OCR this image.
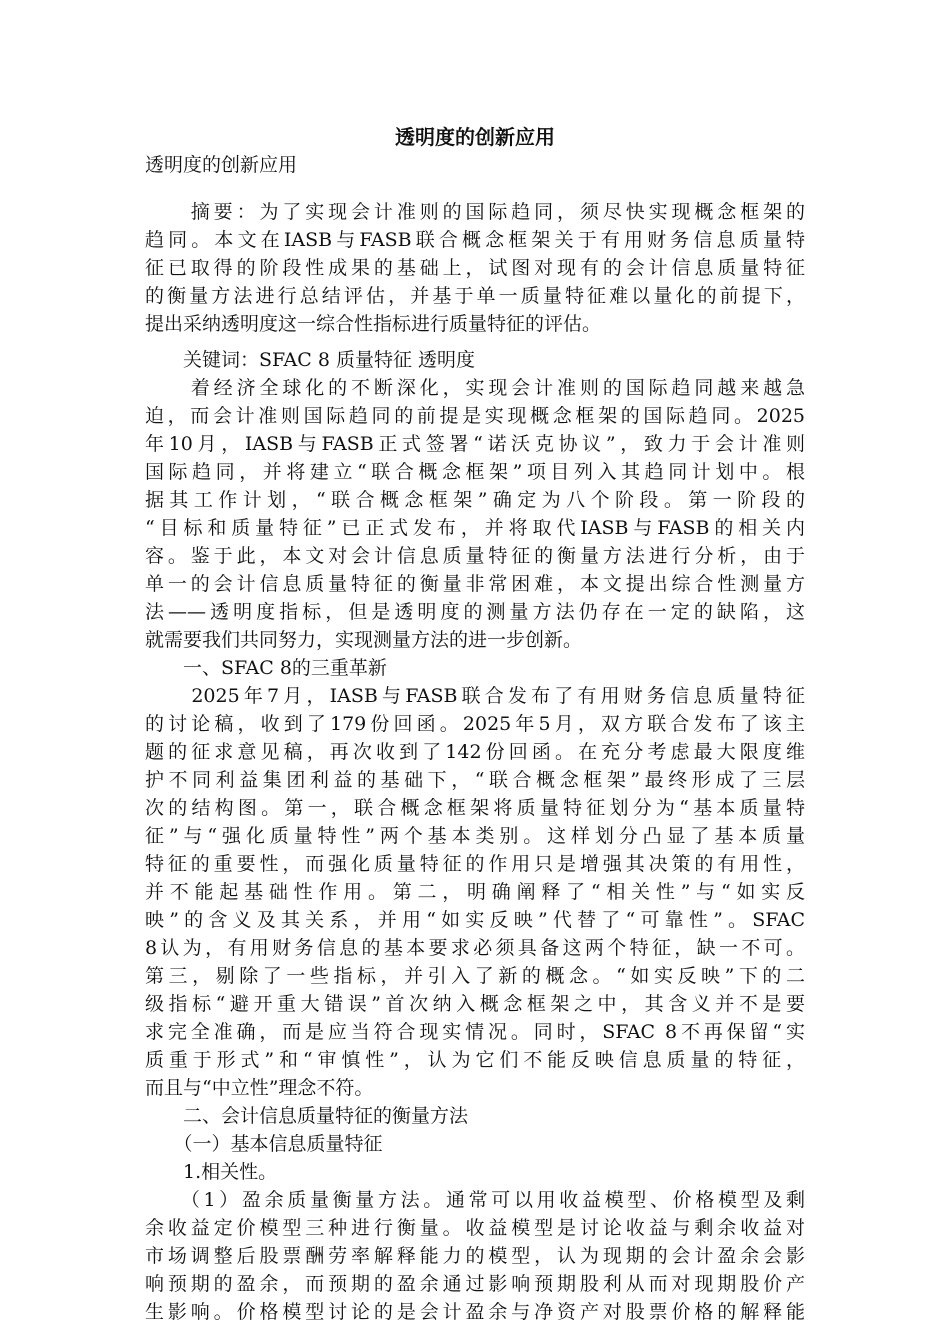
透明度的创新应用
透明度的创新应用
　　摘要：为了实现会计准则的国际趋同，须尽快实现概念框架的
趋同。本文在IASB与FASB联合概念框架关于有用财务信息质量特
征已取得的阶段性成果的基础上，试图对现有的会计信息质量特征
的衡量方法进行总结评估，并基于单一质量特征难以量化的前提下，
提出采纳透明度这一综合性指标进行质量特征的评估。
　　关键词：SFAC 8 质量特征 透明度
　　着经济全球化的不断深化，实现会计准则的国际趋同越来越急
迫，而会计准则国际趋同的前提是实现概念框架的国际趋同。2025
年10月，IASB与FASB正式签署“诺沃克协议”，致力于会计准则
国际趋同，并将建立“联合概念框架”项目列入其趋同计划中。根
据其工作计划，“联合概念框架”确定为八个阶段。第一阶段的
“目标和质量特征”已正式发布，并将取代IASB与FASB的相关内
容。鉴于此，本文对会计信息质量特征的衡量方法进行分析，由于
单一的会计信息质量特征的衡量非常困难，本文提出综合性测量方
法——透明度指标，但是透明度的测量方法仍存在一定的缺陷，这
就需要我们共同努力，实现测量方法的进一步创新。
　　一、SFAC 8的三重革新
　　2025年7月，IASB与FASB联合发布了有用财务信息质量特征
的讨论稿，收到了179份回函。2025年5月，双方联合发布了该主
题的征求意见稿，再次收到了142份回函。在充分考虑最大限度维
护不同利益集团利益的基础下，“联合概念框架”最终形成了三层
次的结构图。第一，联合概念框架将质量特征划分为“基本质量特
征”与“强化质量特性”两个基本类别。这样划分凸显了基本质量
特征的重要性，而强化质量特征的作用只是增强其决策的有用性，
并不能起基础性作用。第二，明确阐释了“相关性”与“如实反
映”的含义及其关系，并用“如实反映”代替了“可靠性”。SFAC
8认为，有用财务信息的基本要求必须具备这两个特征，缺一不可。
第三，剔除了一些指标，并引入了新的概念。“如实反映”下的二
级指标“避开重大错误”首次纳入概念框架之中，其含义并不是要
求完全准确，而是应当符合现实情况。同时，SFAC 8不再保留“实
质重于形式”和“审慎性”，认为它们不能反映信息质量的特征，
而且与“中立性”理念不符。
　　二、会计信息质量特征的衡量方法
　　（一）基本信息质量特征
　　1.相关性。
　　（1）盈余质量衡量方法。通常可以用收益模型、价格模型及剩
余收益定价模型三种进行衡量。收益模型是讨论收益与剩余收益对
市场调整后股票酬劳率解释能力的模型，认为现期的会计盈余会影
响预期的盈余，而预期的盈余通过影响预期股利从而对现期股价产
生影响。价格模型讨论的是会计盈余与净资产对股票价格的解释能
